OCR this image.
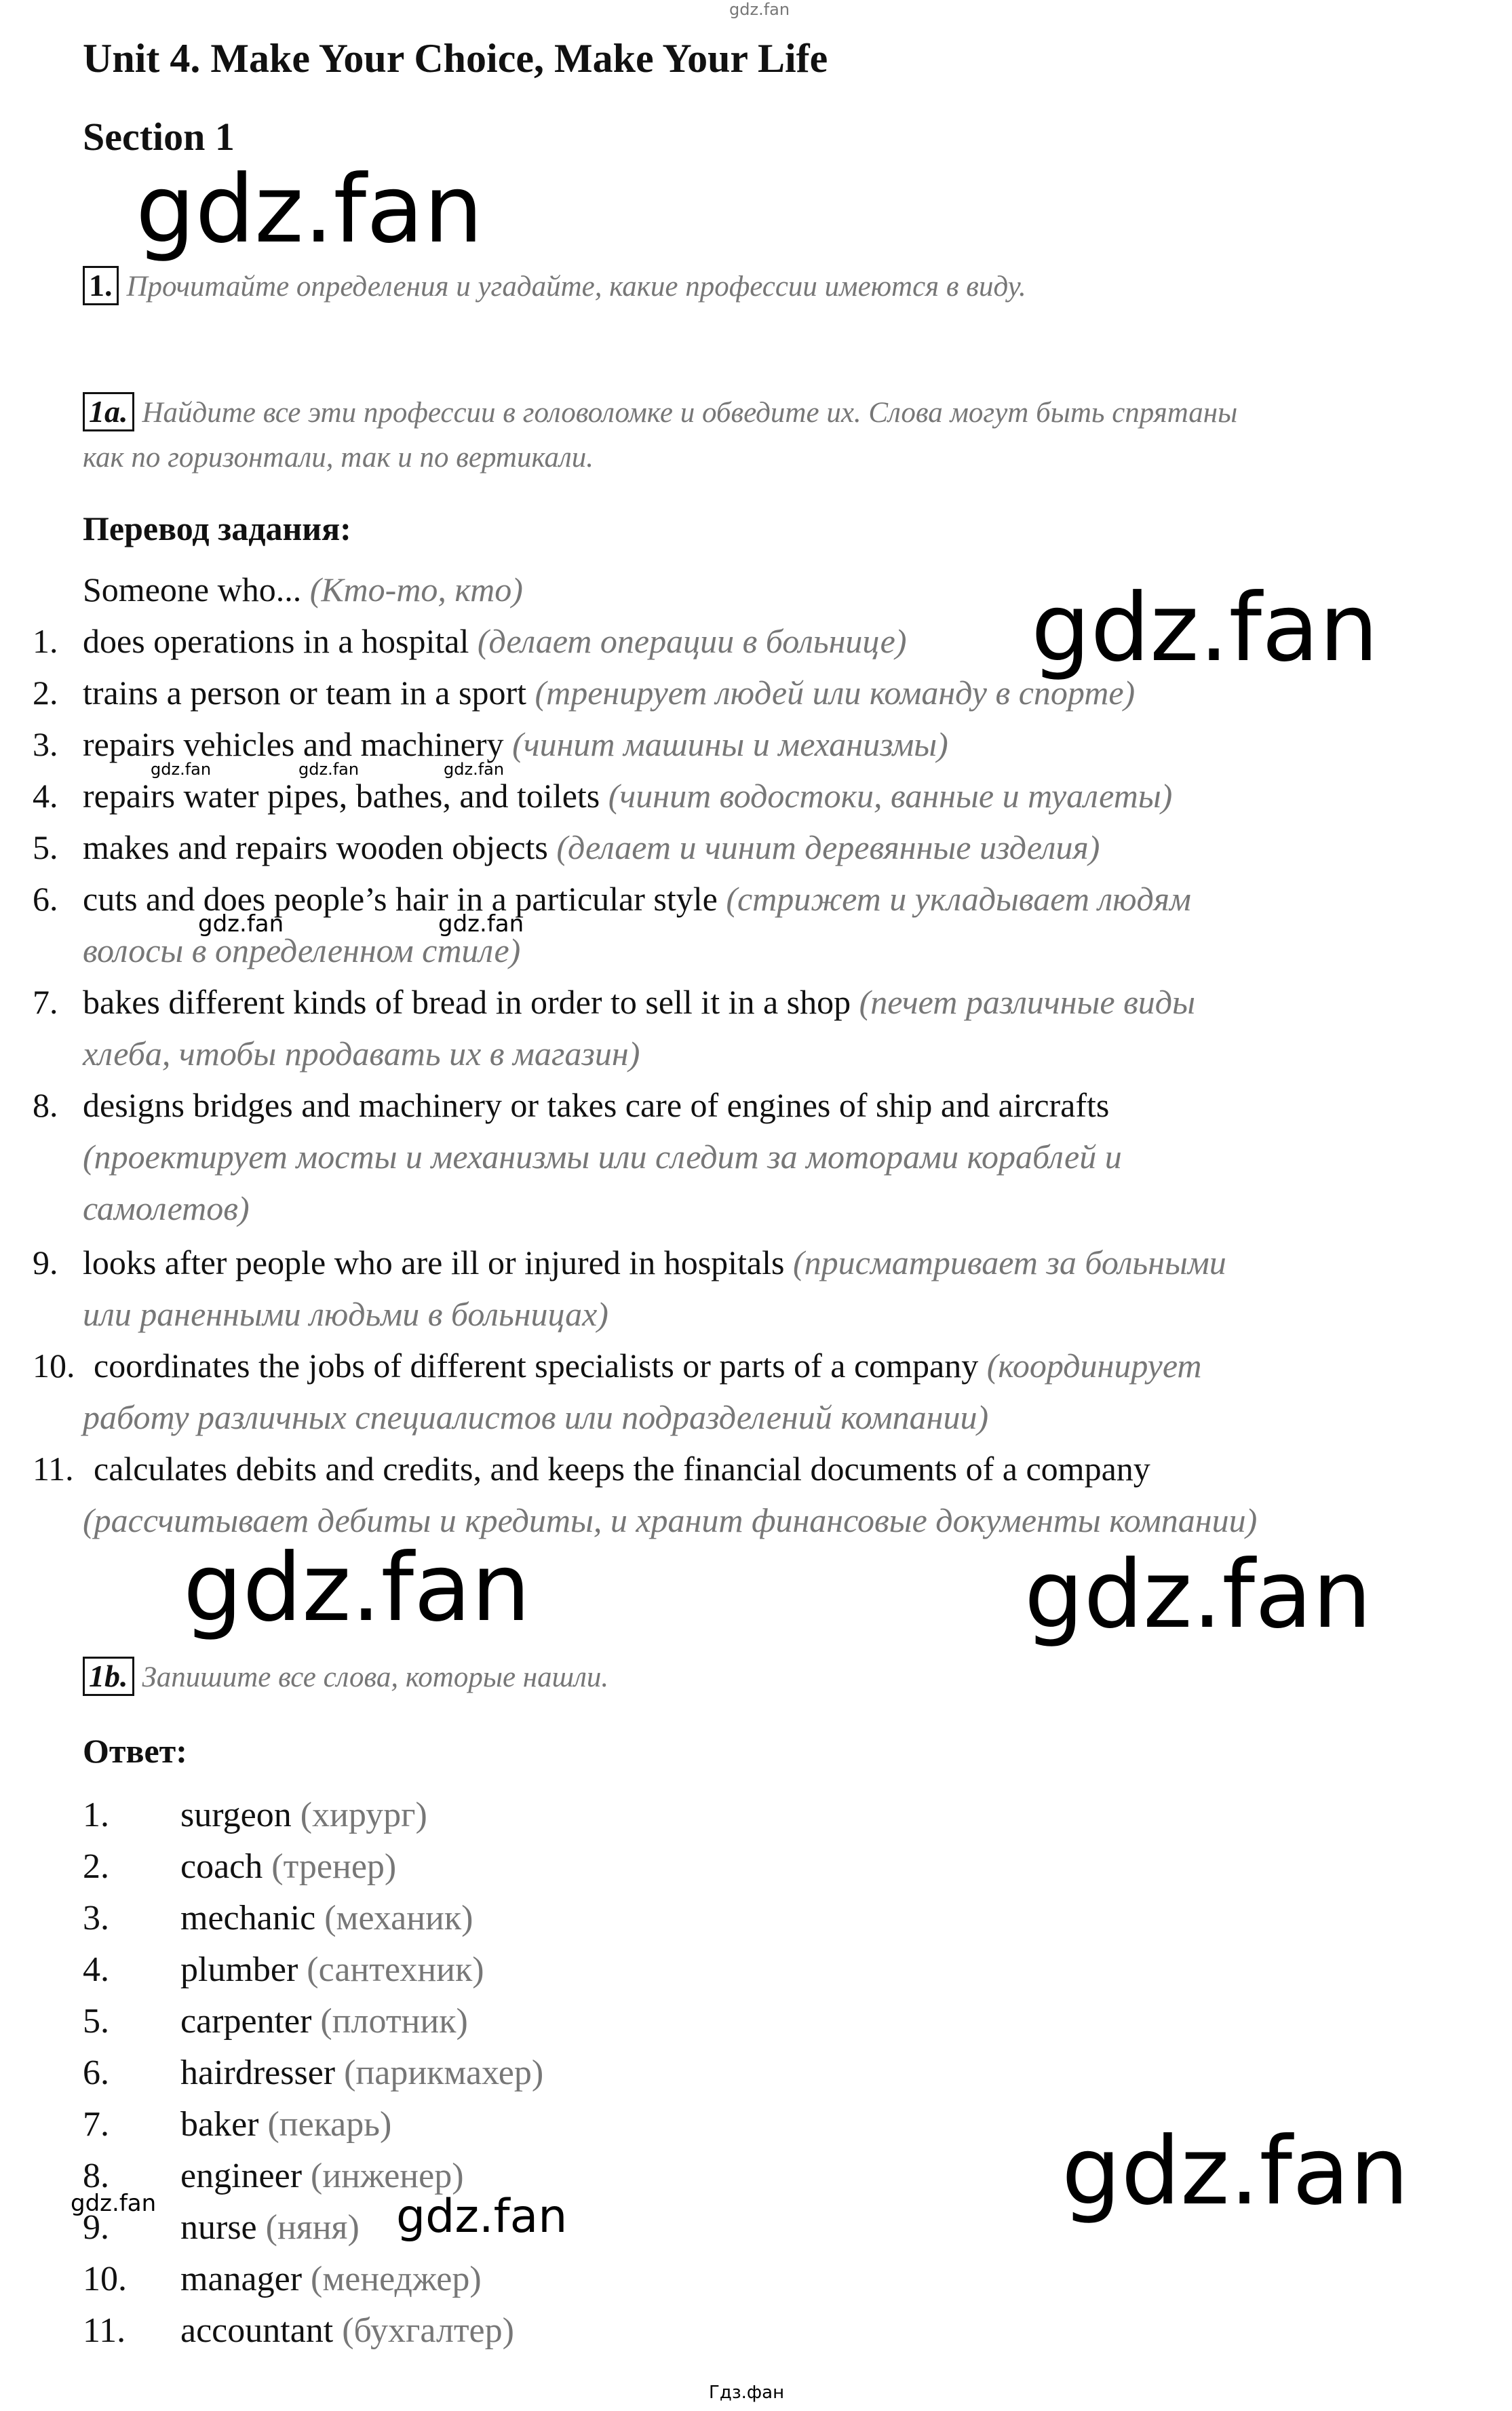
gdz.fan
Unit 4. Make Your Choice, Make Your Life
Section 1
gdz.fan
1. Прочитайте определения и угадайте, какие профессии имеются в виду.
1a. Найдите все эти профессии в головоломке и обведите их. Слова могут быть спрятаны
как по горизонтали, так и по вертикали.
Перевод задания:
Someone who... (Кто-то, кто)	gdz.fan
1. does operations in a hospital (делает операции в больнице)
2. trains a person or team in a sport (тренирует людей или команду в спорте)
3. repairs vehicles and machinery (чинит машины и механизмы)
gdz.fan	gdz.fan	gdz.fan
4. repairs water pipes, bathes, and toilets (чинит водостоки, ванные и туалеты)
5. makes and repairs wooden objects (делает и чинит деревянные изделия)
6. cuts and does people’s hair in a particular style (стрижет и укладывает людям
gdz.fan	gdz.fan
волосы в определенном стиле)
7. bakes different kinds of bread in order to sell it in a shop (печет различные виды
хлеба, чтобы продавать их в магазин)
8. designs bridges and machinery or takes care of engines of ship and aircrafts
(проектирует мосты и механизмы или следит за моторами кораблей и
самолетов)
9. looks after people who are ill or injured in hospitals (присматривает за больными
или раненными людьми в больницах)
10. coordinates the jobs of different specialists or parts of a company (координирует
работу различных специалистов или подразделений компании)
11. calculates debits and credits, and keeps the financial documents of a company
(рассчитывает дебиты и кредиты, и хранит финансовые документы компании)
gdz.fan	gdz.fan
1b. Запишите все слова, которые нашли.
Ответ:
1. surgeon (хирург)
2. coach (тренер)
3. mechanic (механик)
4. plumber (сантехник)
5. carpenter (плотник)
6. hairdresser (парикмахер)
7. baker (пекарь)
8. engineer (инженер)
gdz.fan
9. nurse (няня) gdz.fan
10. manager (менеджер)
11. accountant (бухгалтер)
gdz.fan
Гдз.фан
